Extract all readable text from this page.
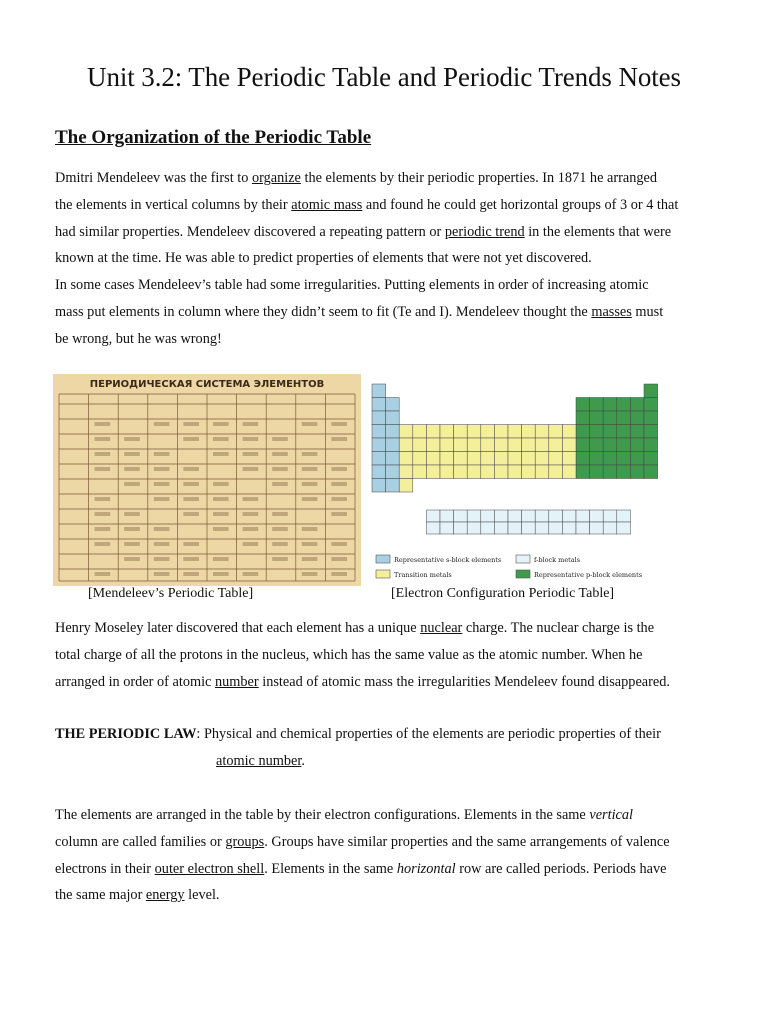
Unit 3.2: The Periodic Table and Periodic Trends Notes
The Organization of the Periodic Table
Dmitri Mendeleev was the first to organize the elements by their periodic properties. In 1871 he arranged
the elements in vertical columns by their atomic mass and found he could get horizontal groups of 3 or 4 that
had similar properties. Mendeleev discovered a repeating pattern or periodic trend in the elements that were
known at the time. He was able to predict properties of elements that were not yet discovered.
In some cases Mendeleev’s table had some irregularities. Putting elements in order of increasing atomic
mass put elements in column where they didn’t seem to fit (Te and I). Mendeleev thought the masses must
be wrong, but he was wrong!
ПЕРИОДИЧЕСКАЯ СИСТЕМА ЭЛЕМЕНТОВ
Representative s-block elements	f-block metals
Transition metals	Representative p-block elements
[Mendeleev’s Periodic Table]	[Electron Configuration Periodic Table]
Henry Moseley later discovered that each element has a unique nuclear charge. The nuclear charge is the
total charge of all the protons in the nucleus, which has the same value as the atomic number. When he
arranged in order of atomic number instead of atomic mass the irregularities Mendeleev found disappeared.
THE PERIODIC LAW: Physical and chemical properties of the elements are periodic properties of their
atomic number.
The elements are arranged in the table by their electron configurations. Elements in the same vertical
column are called families or groups. Groups have similar properties and the same arrangements of valence
electrons in their outer electron shell. Elements in the same horizontal row are called periods. Periods have
the same major energy level.
